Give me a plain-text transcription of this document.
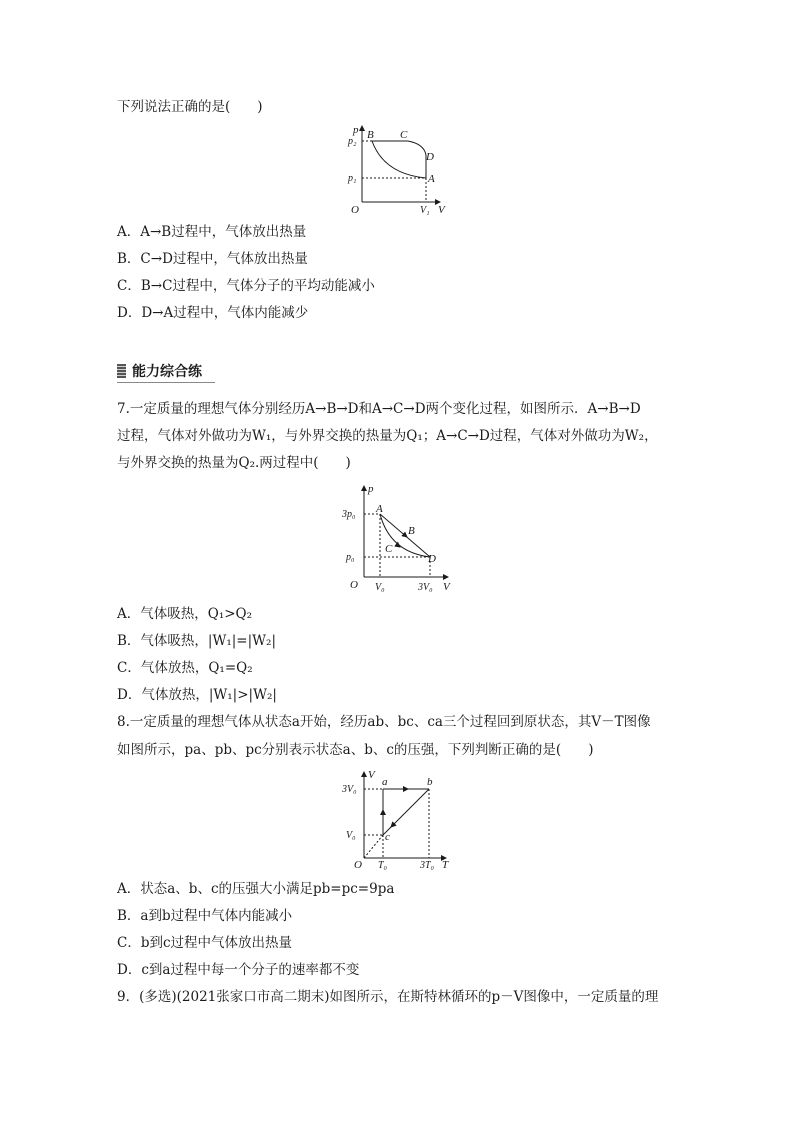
下列说法正确的是(　　)
p
V
O
p₂
p₁
V₁
B C
D
A
A．A→B过程中，气体放出热量
B．C→D过程中，气体放出热量
C．B→C过程中，气体分子的平均动能减小
D．D→A过程中，气体内能减少
能力综合练
7.一定质量的理想气体分别经历A→B→D和A→C→D两个变化过程，如图所示．A→B→D
过程，气体对外做功为W₁，与外界交换的热量为Q₁；A→C→D过程，气体对外做功为W₂，
与外界交换的热量为Q₂.两过程中(　　)
p
V
O
3p₀
p₀
V₀	3V₀
A
B
C
D
A．气体吸热，Q₁>Q₂
B．气体吸热，|W₁|=|W₂|
C．气体放热，Q₁=Q₂
D．气体放热，|W₁|>|W₂|
8.一定质量的理想气体从状态a开始，经历ab、bc、ca三个过程回到原状态，其V－T图像
如图所示，pa、pb、pc分别表示状态a、b、c的压强，下列判断正确的是(　　)
V
T
O
3V₀
V₀
T₀	3T₀
a	b
c
A．状态a、b、c的压强大小满足pb=pc=9pa
B．a到b过程中气体内能减小
C．b到c过程中气体放出热量
D．c到a过程中每一个分子的速率都不变
9．(多选)(2021张家口市高二期末)如图所示，在斯特林循环的p－V图像中，一定质量的理
